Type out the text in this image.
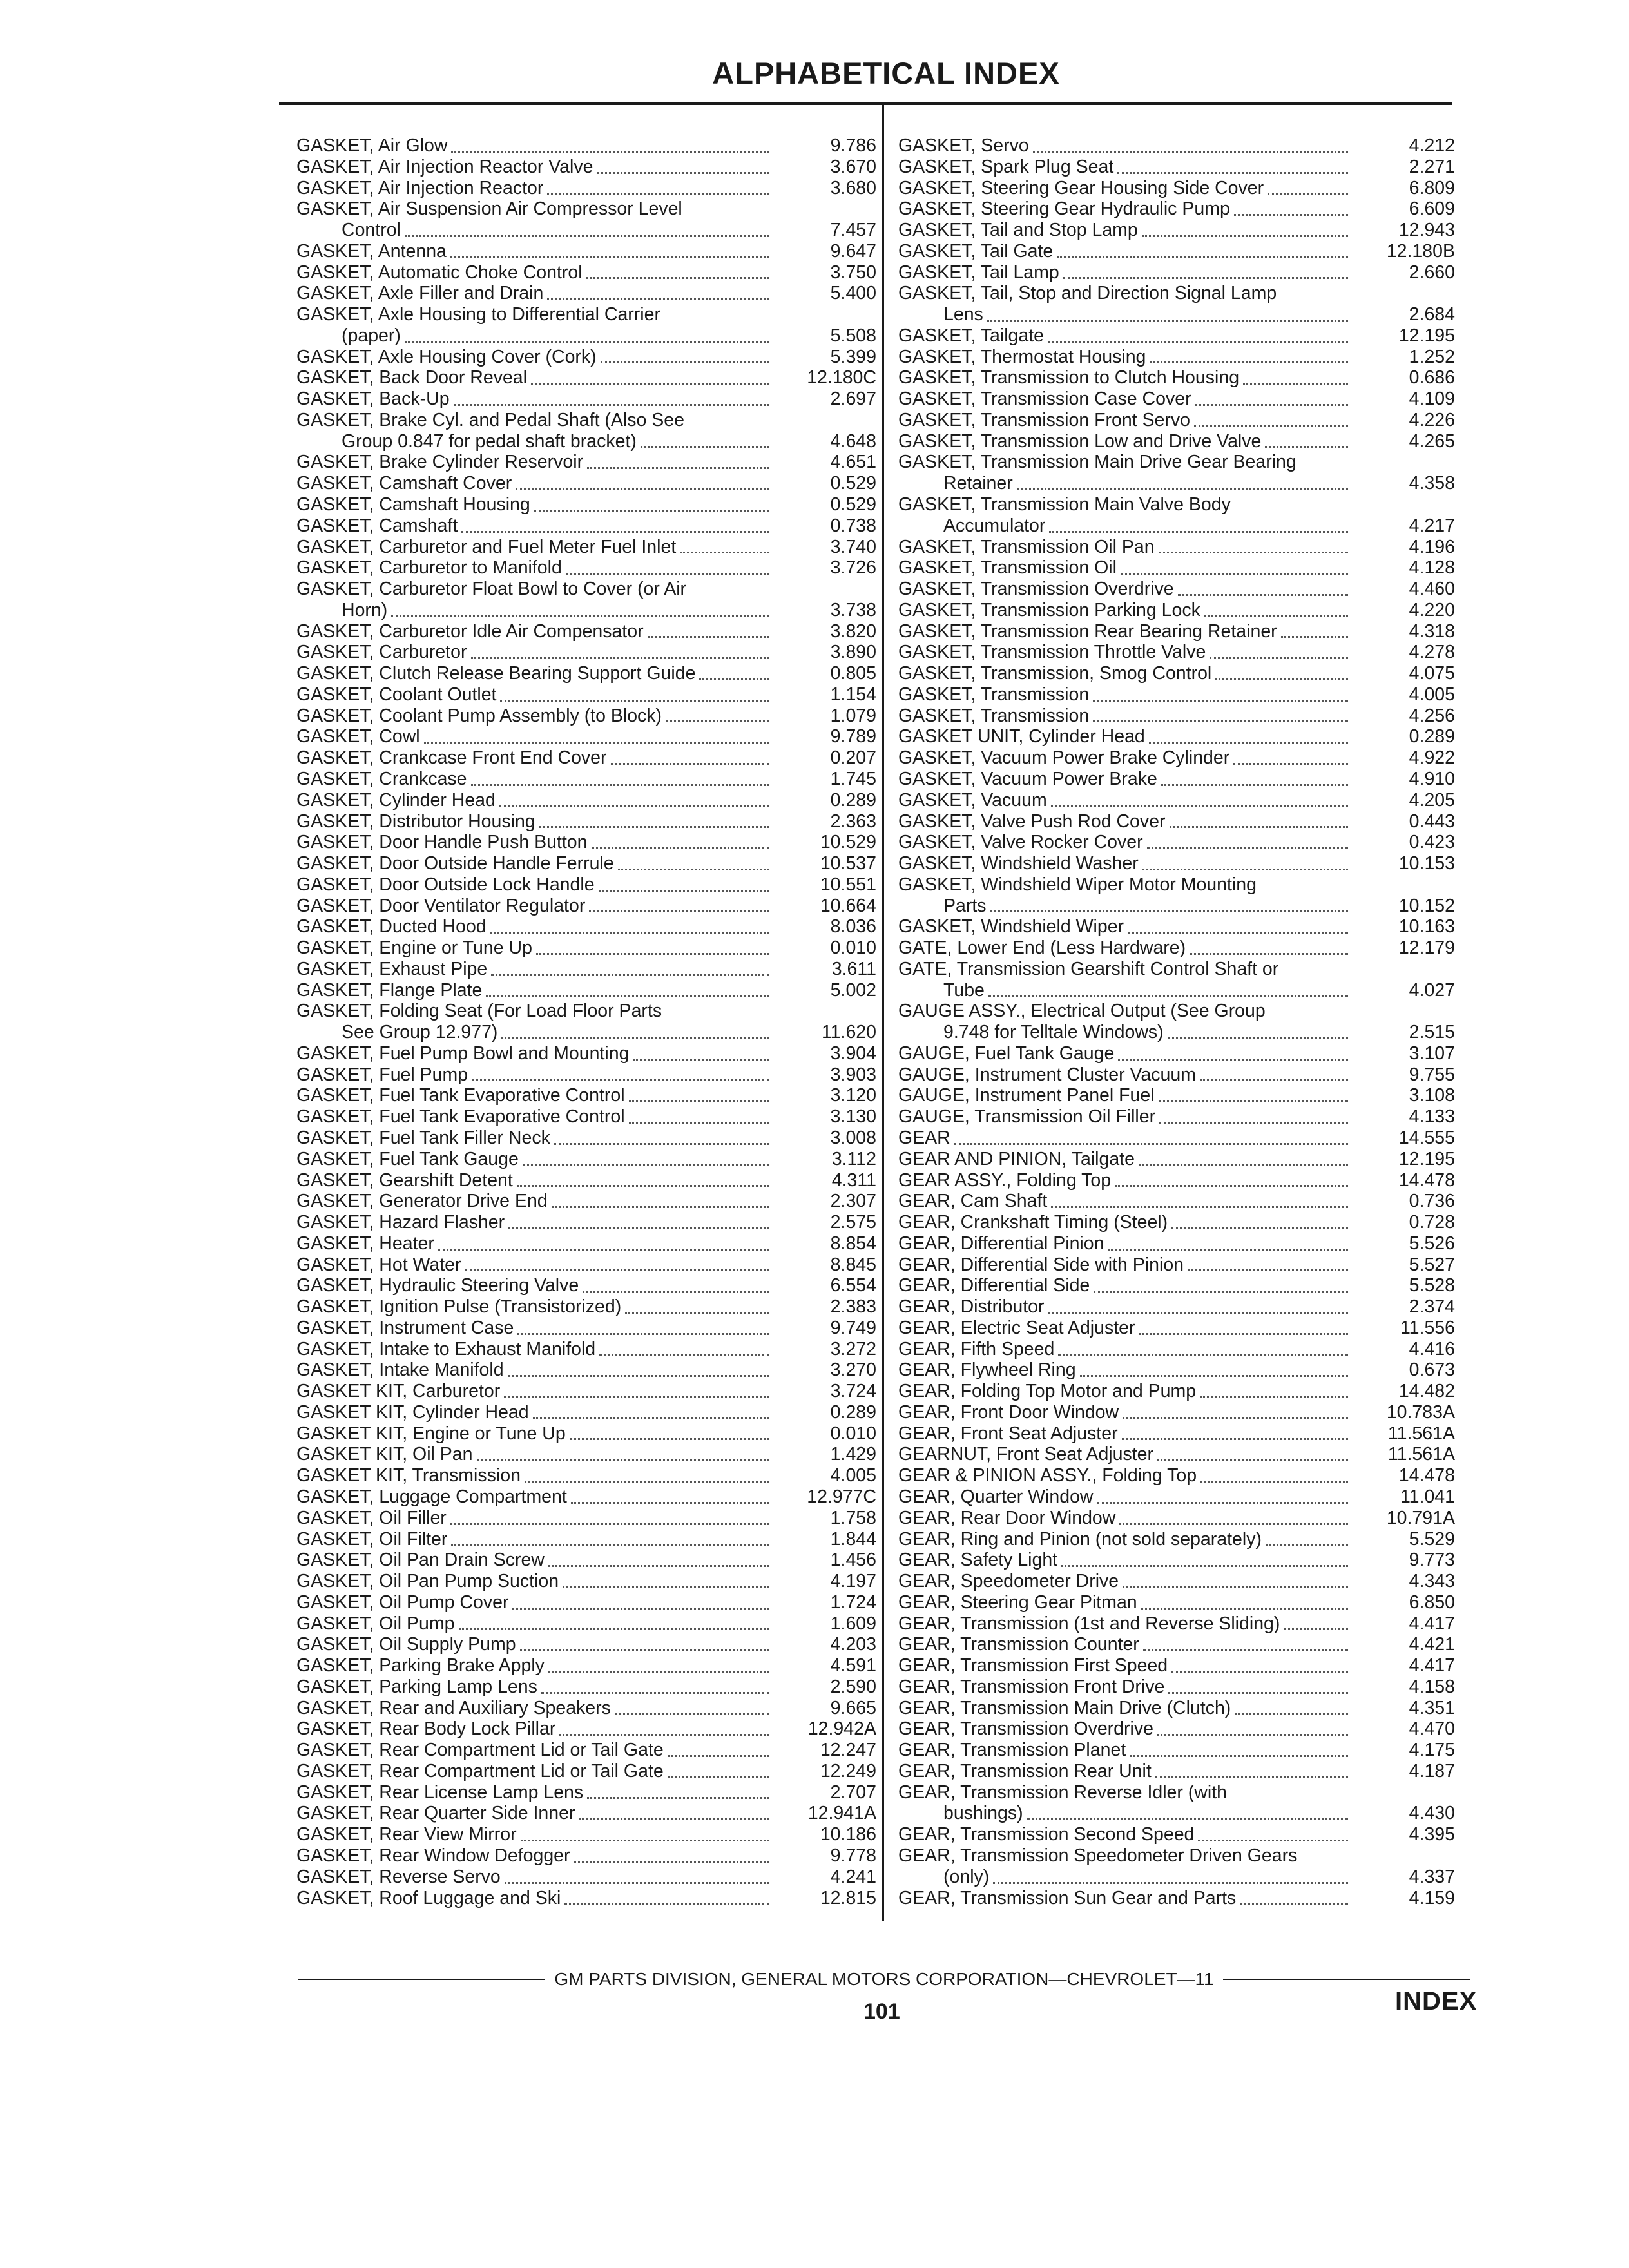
ALPHABETICAL INDEX
GASKET, Air Glow	9.786
GASKET, Air Injection Reactor Valve	3.670
GASKET, Air Injection Reactor	3.680
GASKET, Air Suspension Air Compressor Level
Control	7.457
GASKET, Antenna	9.647
GASKET, Automatic Choke Control	3.750
GASKET, Axle Filler and Drain	5.400
GASKET, Axle Housing to Differential Carrier
(paper)	5.508
GASKET, Axle Housing Cover (Cork)	5.399
GASKET, Back Door Reveal	12.180C
GASKET, Back-Up	2.697
GASKET, Brake Cyl. and Pedal Shaft (Also See
Group 0.847 for pedal shaft bracket)	4.648
GASKET, Brake Cylinder Reservoir	4.651
GASKET, Camshaft Cover	0.529
GASKET, Camshaft Housing	0.529
GASKET, Camshaft	0.738
GASKET, Carburetor and Fuel Meter Fuel Inlet	3.740
GASKET, Carburetor to Manifold	3.726
GASKET, Carburetor Float Bowl to Cover (or Air
Horn)	3.738
GASKET, Carburetor Idle Air Compensator	3.820
GASKET, Carburetor	3.890
GASKET, Clutch Release Bearing Support Guide	0.805
GASKET, Coolant Outlet	1.154
GASKET, Coolant Pump Assembly (to Block)	1.079
GASKET, Cowl	9.789
GASKET, Crankcase Front End Cover	0.207
GASKET, Crankcase	1.745
GASKET, Cylinder Head	0.289
GASKET, Distributor Housing	2.363
GASKET, Door Handle Push Button	10.529
GASKET, Door Outside Handle Ferrule	10.537
GASKET, Door Outside Lock Handle	10.551
GASKET, Door Ventilator Regulator	10.664
GASKET, Ducted Hood	8.036
GASKET, Engine or Tune Up	0.010
GASKET, Exhaust Pipe	3.611
GASKET, Flange Plate	5.002
GASKET, Folding Seat (For Load Floor Parts
See Group 12.977)	11.620
GASKET, Fuel Pump Bowl and Mounting	3.904
GASKET, Fuel Pump	3.903
GASKET, Fuel Tank Evaporative Control	3.120
GASKET, Fuel Tank Evaporative Control	3.130
GASKET, Fuel Tank Filler Neck	3.008
GASKET, Fuel Tank Gauge	3.112
GASKET, Gearshift Detent	4.311
GASKET, Generator Drive End	2.307
GASKET, Hazard Flasher	2.575
GASKET, Heater	8.854
GASKET, Hot Water	8.845
GASKET, Hydraulic Steering Valve	6.554
GASKET, Ignition Pulse (Transistorized)	2.383
GASKET, Instrument Case	9.749
GASKET, Intake to Exhaust Manifold	3.272
GASKET, Intake Manifold	3.270
GASKET KIT, Carburetor	3.724
GASKET KIT, Cylinder Head	0.289
GASKET KIT, Engine or Tune Up	0.010
GASKET KIT, Oil Pan	1.429
GASKET KIT, Transmission	4.005
GASKET, Luggage Compartment	12.977C
GASKET, Oil Filler	1.758
GASKET, Oil Filter	1.844
GASKET, Oil Pan Drain Screw	1.456
GASKET, Oil Pan Pump Suction	4.197
GASKET, Oil Pump Cover	1.724
GASKET, Oil Pump	1.609
GASKET, Oil Supply Pump	4.203
GASKET, Parking Brake Apply	4.591
GASKET, Parking Lamp Lens	2.590
GASKET, Rear and Auxiliary Speakers	9.665
GASKET, Rear Body Lock Pillar	12.942A
GASKET, Rear Compartment Lid or Tail Gate	12.247
GASKET, Rear Compartment Lid or Tail Gate	12.249
GASKET, Rear License Lamp Lens	2.707
GASKET, Rear Quarter Side Inner	12.941A
GASKET, Rear View Mirror	10.186
GASKET, Rear Window Defogger	9.778
GASKET, Reverse Servo	4.241
GASKET, Roof Luggage and Ski	12.815
GASKET, Servo	4.212
GASKET, Spark Plug Seat	2.271
GASKET, Steering Gear Housing Side Cover	6.809
GASKET, Steering Gear Hydraulic Pump	6.609
GASKET, Tail and Stop Lamp	12.943
GASKET, Tail Gate	12.180B
GASKET, Tail Lamp	2.660
GASKET, Tail, Stop and Direction Signal Lamp
Lens	2.684
GASKET, Tailgate	12.195
GASKET, Thermostat Housing	1.252
GASKET, Transmission to Clutch Housing	0.686
GASKET, Transmission Case Cover	4.109
GASKET, Transmission Front Servo	4.226
GASKET, Transmission Low and Drive Valve	4.265
GASKET, Transmission Main Drive Gear Bearing
Retainer	4.358
GASKET, Transmission Main Valve Body
Accumulator	4.217
GASKET, Transmission Oil Pan	4.196
GASKET, Transmission Oil	4.128
GASKET, Transmission Overdrive	4.460
GASKET, Transmission Parking Lock	4.220
GASKET, Transmission Rear Bearing Retainer	4.318
GASKET, Transmission Throttle Valve	4.278
GASKET, Transmission, Smog Control	4.075
GASKET, Transmission	4.005
GASKET, Transmission	4.256
GASKET UNIT, Cylinder Head	0.289
GASKET, Vacuum Power Brake Cylinder	4.922
GASKET, Vacuum Power Brake	4.910
GASKET, Vacuum	4.205
GASKET, Valve Push Rod Cover	0.443
GASKET, Valve Rocker Cover	0.423
GASKET, Windshield Washer	10.153
GASKET, Windshield Wiper Motor Mounting
Parts	10.152
GASKET, Windshield Wiper	10.163
GATE, Lower End (Less Hardware)	12.179
GATE, Transmission Gearshift Control Shaft or
Tube	4.027
GAUGE ASSY., Electrical Output (See Group
9.748 for Telltale Windows)	2.515
GAUGE, Fuel Tank Gauge	3.107
GAUGE, Instrument Cluster Vacuum	9.755
GAUGE, Instrument Panel Fuel	3.108
GAUGE, Transmission Oil Filler	4.133
GEAR	14.555
GEAR AND PINION, Tailgate	12.195
GEAR ASSY., Folding Top	14.478
GEAR, Cam Shaft	0.736
GEAR, Crankshaft Timing (Steel)	0.728
GEAR, Differential Pinion	5.526
GEAR, Differential Side with Pinion	5.527
GEAR, Differential Side	5.528
GEAR, Distributor	2.374
GEAR, Electric Seat Adjuster	11.556
GEAR, Fifth Speed	4.416
GEAR, Flywheel Ring	0.673
GEAR, Folding Top Motor and Pump	14.482
GEAR, Front Door Window	10.783A
GEAR, Front Seat Adjuster	11.561A
GEARNUT, Front Seat Adjuster	11.561A
GEAR & PINION ASSY., Folding Top	14.478
GEAR, Quarter Window	11.041
GEAR, Rear Door Window	10.791A
GEAR, Ring and Pinion (not sold separately)	5.529
GEAR, Safety Light	9.773
GEAR, Speedometer Drive	4.343
GEAR, Steering Gear Pitman	6.850
GEAR, Transmission (1st and Reverse Sliding)	4.417
GEAR, Transmission Counter	4.421
GEAR, Transmission First Speed	4.417
GEAR, Transmission Front Drive	4.158
GEAR, Transmission Main Drive (Clutch)	4.351
GEAR, Transmission Overdrive	4.470
GEAR, Transmission Planet	4.175
GEAR, Transmission Rear Unit	4.187
GEAR, Transmission Reverse Idler (with
bushings)	4.430
GEAR, Transmission Second Speed	4.395
GEAR, Transmission Speedometer Driven Gears
(only)	4.337
GEAR, Transmission Sun Gear and Parts	4.159
GM PARTS DIVISION, GENERAL MOTORS CORPORATION—CHEVROLET—11
101	INDEX
